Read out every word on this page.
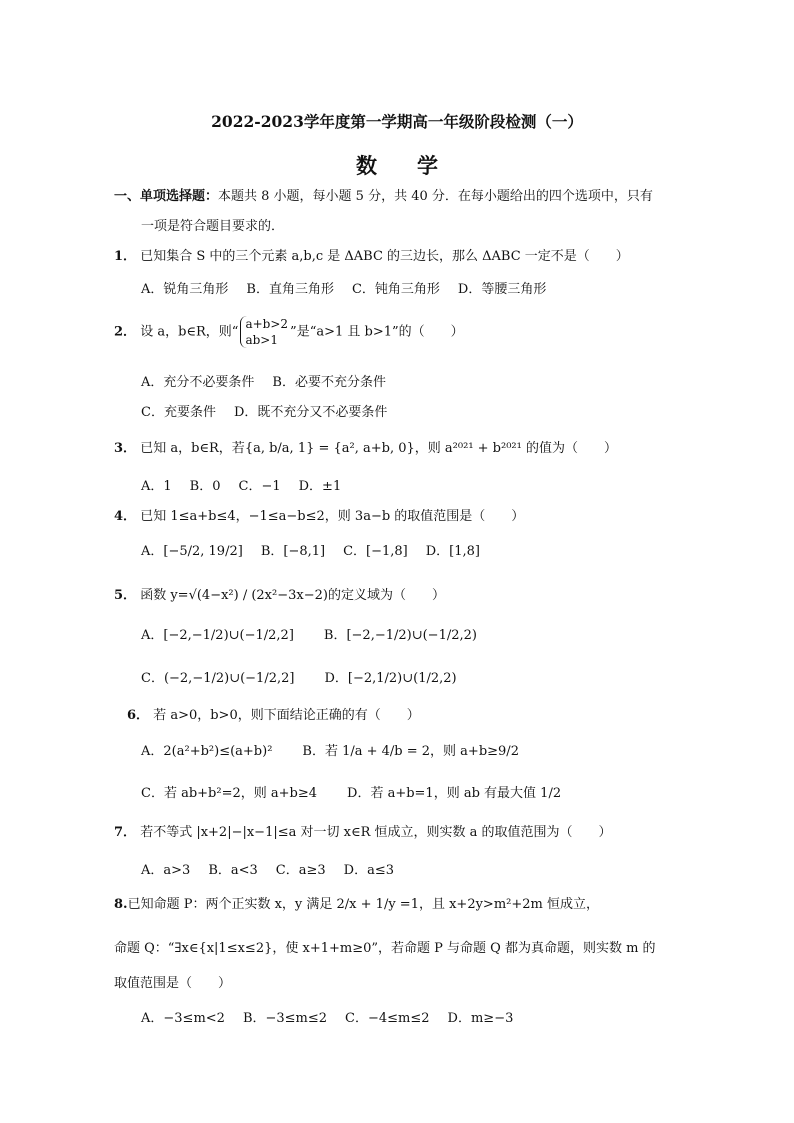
2022-2023学年度第一学期高一年级阶段检测（一）
数 学
一、单项选择题：本题共 8 小题，每小题 5 分，共 40 分．在每小题给出的四个选项中，只有
一项是符合题目要求的．
1． 已知集合 S 中的三个元素 a,b,c 是 ΔABC 的三边长，那么 ΔABC 一定不是（　　）
A．锐角三角形 B．直角三角形 C．钝角三角形 D．等腰三角形
2． 设 a，b∈R，则“
a+b>2
ab>1
”是“a>1 且 b>1”的（　　）
A．充分不必要条件 B．必要不充分条件
C．充要条件 D．既不充分又不必要条件
3． 已知 a，b∈R，若{a, b/a, 1} = {a², a+b, 0}，则 a²⁰²¹ + b²⁰²¹ 的值为（　　）
A．1 B．0 C．−1 D．±1
4． 已知 1≤a+b≤4，−1≤a−b≤2，则 3a−b 的取值范围是（　　）
A．[−5/2, 19/2] B．[−8,1] C．[−1,8] D．[1,8]
5． 函数 y=√(4−x²) / (2x²−3x−2)的定义域为（　　）
A．[−2,−1/2)∪(−1/2,2] B．[−2,−1/2)∪(−1/2,2)
C．(−2,−1/2)∪(−1/2,2] D．[−2,1/2)∪(1/2,2)
6． 若 a>0，b>0，则下面结论正确的有（　　）
A．2(a²+b²)≤(a+b)² B．若 1/a + 4/b = 2，则 a+b≥9/2
C．若 ab+b²=2，则 a+b≥4 D．若 a+b=1，则 ab 有最大值 1/2
7． 若不等式 |x+2|−|x−1|≤a 对一切 x∈R 恒成立，则实数 a 的取值范围为（　　）
A．a>3 B．a<3 C．a≥3 D．a≤3
8.已知命题 P：两个正实数 x，y 满足 2/x + 1/y =1，且 x+2y>m²+2m 恒成立，
命题 Q：“∃x∈{x|1≤x≤2}，使 x+1+m≥0”，若命题 P 与命题 Q 都为真命题，则实数 m 的
取值范围是（　　）
A．−3≤m<2 B．−3≤m≤2 C．−4≤m≤2 D．m≥−3
